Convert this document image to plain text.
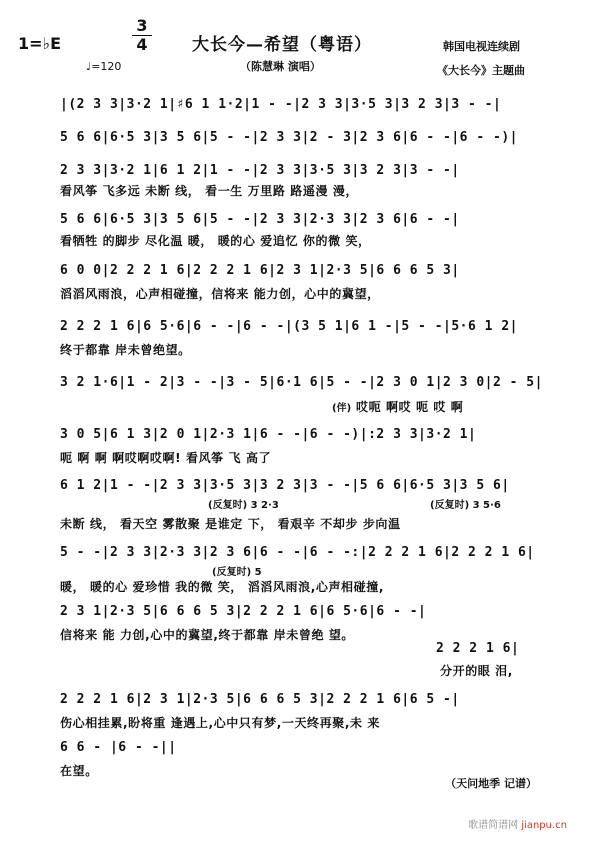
1=♭E
3
4
♩=120
大长今—希望（粤语）
（陈慧琳 演唱）
韩国电视连续剧
《大长今》主题曲
|(2 3 3|3·2 1|♯6 1 1·2|1 - -|2 3 3|3·5 3|3 2 3|3 - -|
5 6 6|6·5 3|3 5 6|5 - -|2 3 3|2 - 3|2 3 6|6 - -|6 - -)|
2 3 3|3·2 1|6 1 2|1 - -|2 3 3|3·5 3|3 2 3|3 - -|
看风筝 飞多远 未断 线， 看一生 万里路 路遥漫 漫，
5 6 6|6·5 3|3 5 6|5 - -|2 3 3|2·3 3|2 3 6|6 - -|
看牺牲 的脚步 尽化温 暖， 暖的心 爱追忆 你的微 笑，
6 0 0|2 2 2 1 6|2 2 2 1 6|2 3 1|2·3 5|6 6 6 5 3|
滔滔风雨浪，心声相碰撞，信将来 能力创，心中的冀望，
2 2 2 1 6|6 5·6|6 - -|6 - -|(3 5 1|6 1 -|5 - -|5·6 1 2|
终于都靠 岸未曾绝望。
3 2 1·6|1 - 2|3 - -|3 - 5|6·1 6|5 - -|2 3 0 1|2 3 0|2 - 5|
(伴) 哎呃 啊哎 呃 哎 啊
3 0 5|6 1 3|2 0 1|2·3 1|6 - -|6 - -)|:2 3 3|3·2 1|
呃 啊 啊 啊哎啊哎啊! 看风筝 飞 高了
6 1 2|1 - -|2 3 3|3·5 3|3 2 3|3 - -|5 6 6|6·5 3|3 5 6|
(反复时) 3 2·3	(反复时) 3 5·6
未断 线， 看天空 雾散聚 是谁定 下， 看艰辛 不却步 步向温
5 - -|2 3 3|2·3 3|2 3 6|6 - -|6 - -:|2 2 2 1 6|2 2 2 1 6|
(反复时) 5
暖， 暖的心 爱珍惜 我的微 笑， 滔滔风雨浪,心声相碰撞,
2 3 1|2·3 5|6 6 6 5 3|2 2 2 1 6|6 5·6|6 - -|
信将来 能 力创,心中的冀望,终于都靠 岸未曾绝 望。
2 2 2 1 6|
分开的眼 泪,
2 2 2 1 6|2 3 1|2·3 5|6 6 6 5 3|2 2 2 1 6|6 5 -|
伤心相挂累,盼将重 逢遇上,心中只有梦,一天终再聚,未 来
6 6 - |6 - -||
在望。
（天问地季 记谱）
歌谱简谱网 jianpu.cn
